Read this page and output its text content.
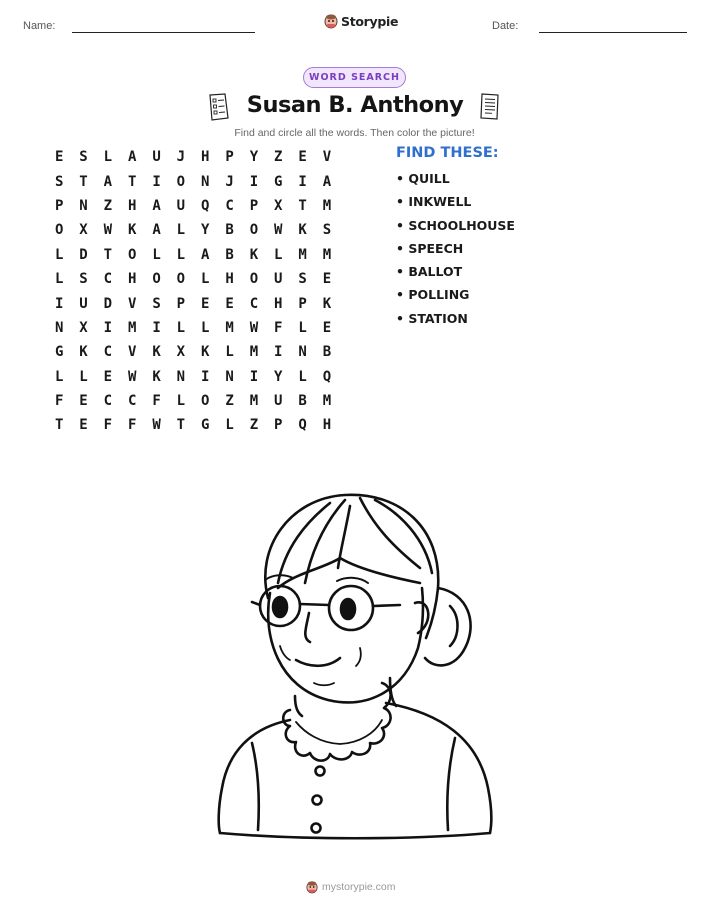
Name:	Storypie	Date:
WORD SEARCH
Susan B. Anthony
Find and circle all the words. Then color the picture!
E	S	L	A	U	J	H	P	Y	Z	E	V
S	T	A	T	I	O	N	J	I	G	I	A
P	N	Z	H	A	U	Q	C	P	X	T	M
O	X	W	K	A	L	Y	B	O	W	K	S
L	D	T	O	L	L	A	B	K	L	M	M
L	S	C	H	O	O	L	H	O	U	S	E
I	U	D	V	S	P	E	E	C	H	P	K
N	X	I	M	I	L	L	M	W	F	L	E
G	K	C	V	K	X	K	L	M	I	N	B
L	L	E	W	K	N	I	N	I	Y	L	Q
F	E	C	C	F	L	O	Z	M	U	B	M
T	E	F	F	W	T	G	L	Z	P	Q	H
FIND THESE:
• QUILL
• INKWELL
• SCHOOLHOUSE
• SPEECH
• BALLOT
• POLLING
• STATION
mystorypie.com
